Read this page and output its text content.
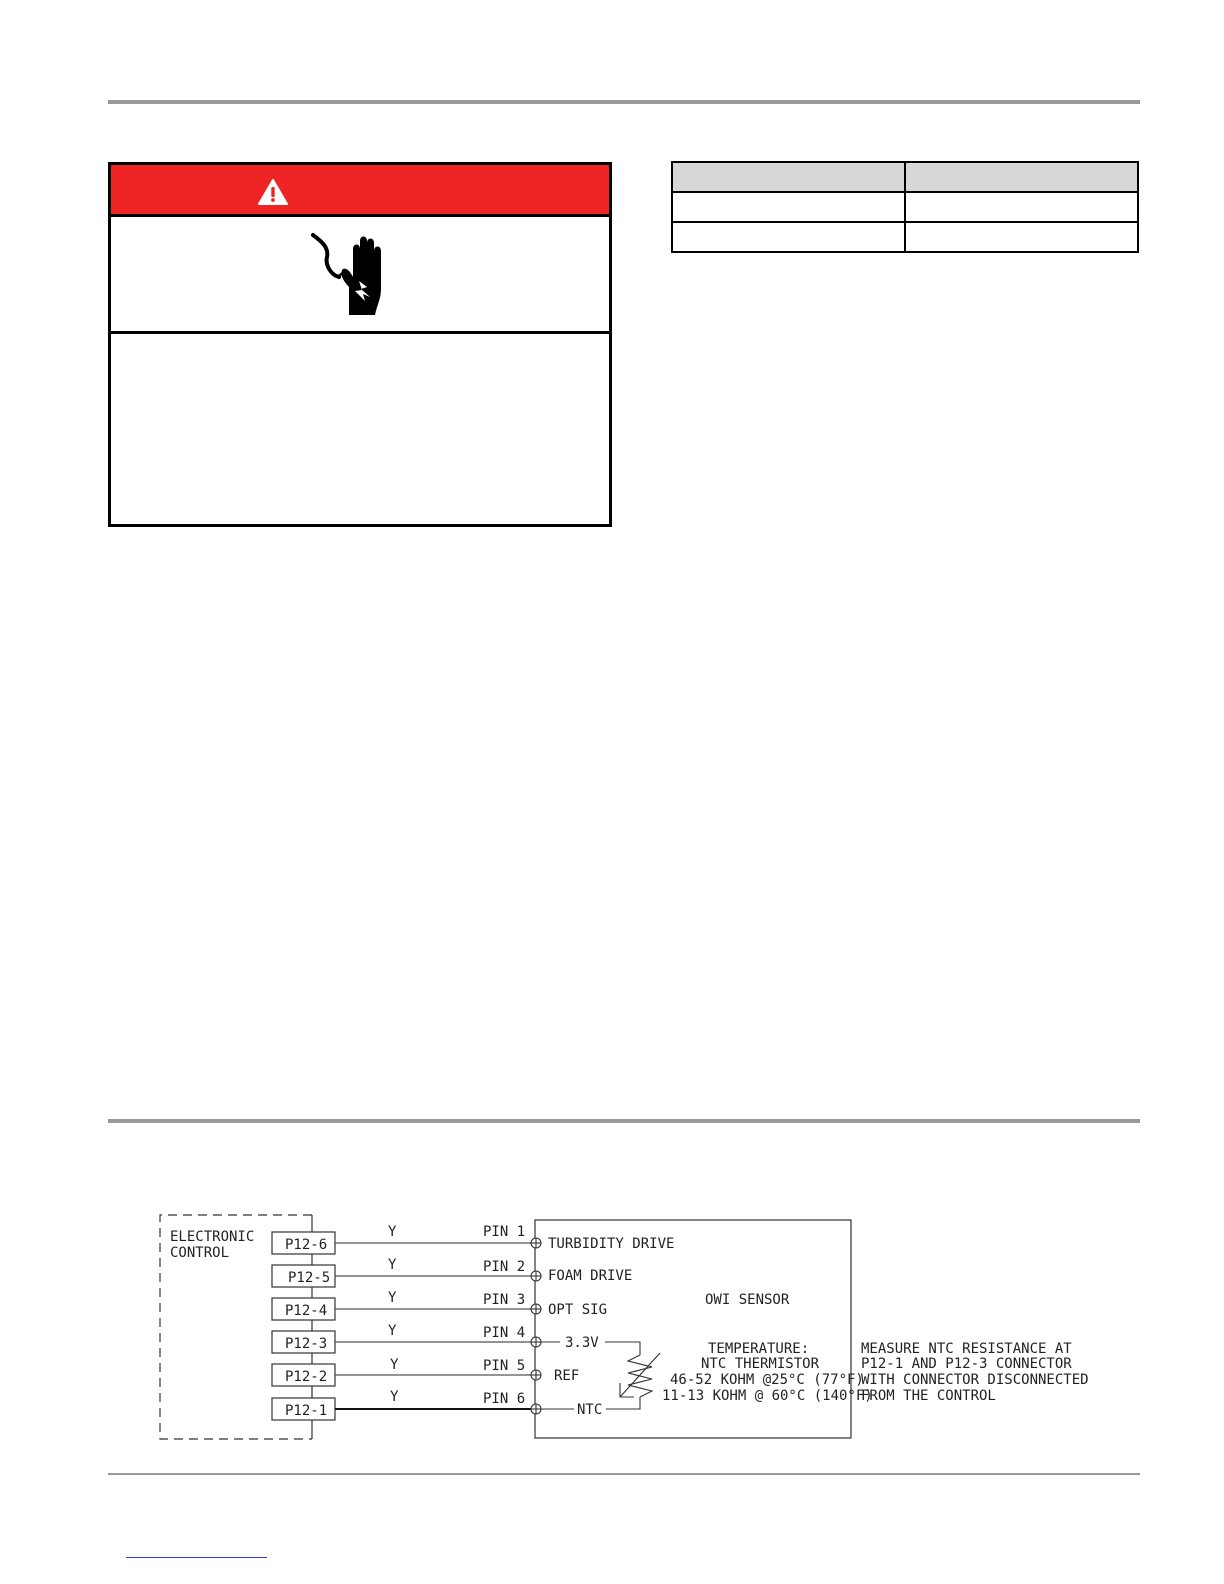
ELECTRONIC
CONTROL	P12-6
P12-5
P12-4
P12-3
P12-2
P12-1
Y
Y
Y
Y
Y
Y
PIN 1
PIN 2
PIN 3
PIN 4
PIN 5
PIN 6
TURBIDITY DRIVE
FOAM DRIVE
OPT SIG
3.3V
REF
NTC
OWI SENSOR
TEMPERATURE:
NTC THERMISTOR
46-52 KOHM @25°C (77°F)
11-13 KOHM @ 60°C (140°F)
MEASURE NTC RESISTANCE AT
P12-1 AND P12-3 CONNECTOR
WITH CONNECTOR DISCONNECTED
FROM THE CONTROL
